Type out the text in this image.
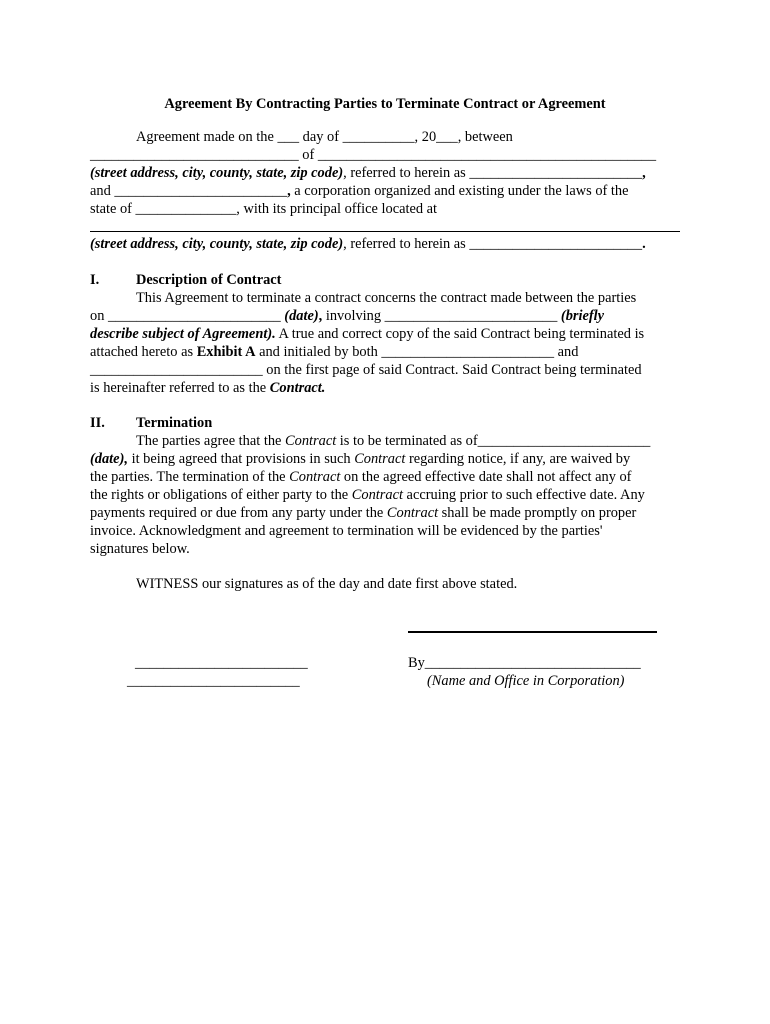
Agreement By Contracting Parties to Terminate Contract or Agreement
Agreement made on the ___ day of __________, 20___, between
_____________________________ of _______________________________________________
(street address, city, county, state, zip code), referred to herein as ________________________,
and ________________________, a corporation organized and existing under the laws of the
state of ______________, with its principal office located at
(street address, city, county, state, zip code), referred to herein as ________________________.
I.	Description of Contract
This Agreement to terminate a contract concerns the contract made between the parties
on ________________________ (date), involving ________________________ (briefly
describe subject of Agreement). A true and correct copy of the said Contract being terminated is
attached hereto as Exhibit A and initialed by both ________________________ and
________________________ on the first page of said Contract. Said Contract being terminated
is hereinafter referred to as the Contract.
II. Termination
The parties agree that the Contract is to be terminated as of________________________
(date), it being agreed that provisions in such Contract regarding notice, if any, are waived by
the parties. The termination of the Contract on the agreed effective date shall not affect any of
the rights or obligations of either party to the Contract accruing prior to such effective date. Any
payments required or due from any party under the Contract shall be made promptly on proper
invoice. Acknowledgment and agreement to termination will be evidenced by the parties'
signatures below.
WITNESS our signatures as of the day and date first above stated.
________________________
________________________
By______________________________
(Name and Office in Corporation)
